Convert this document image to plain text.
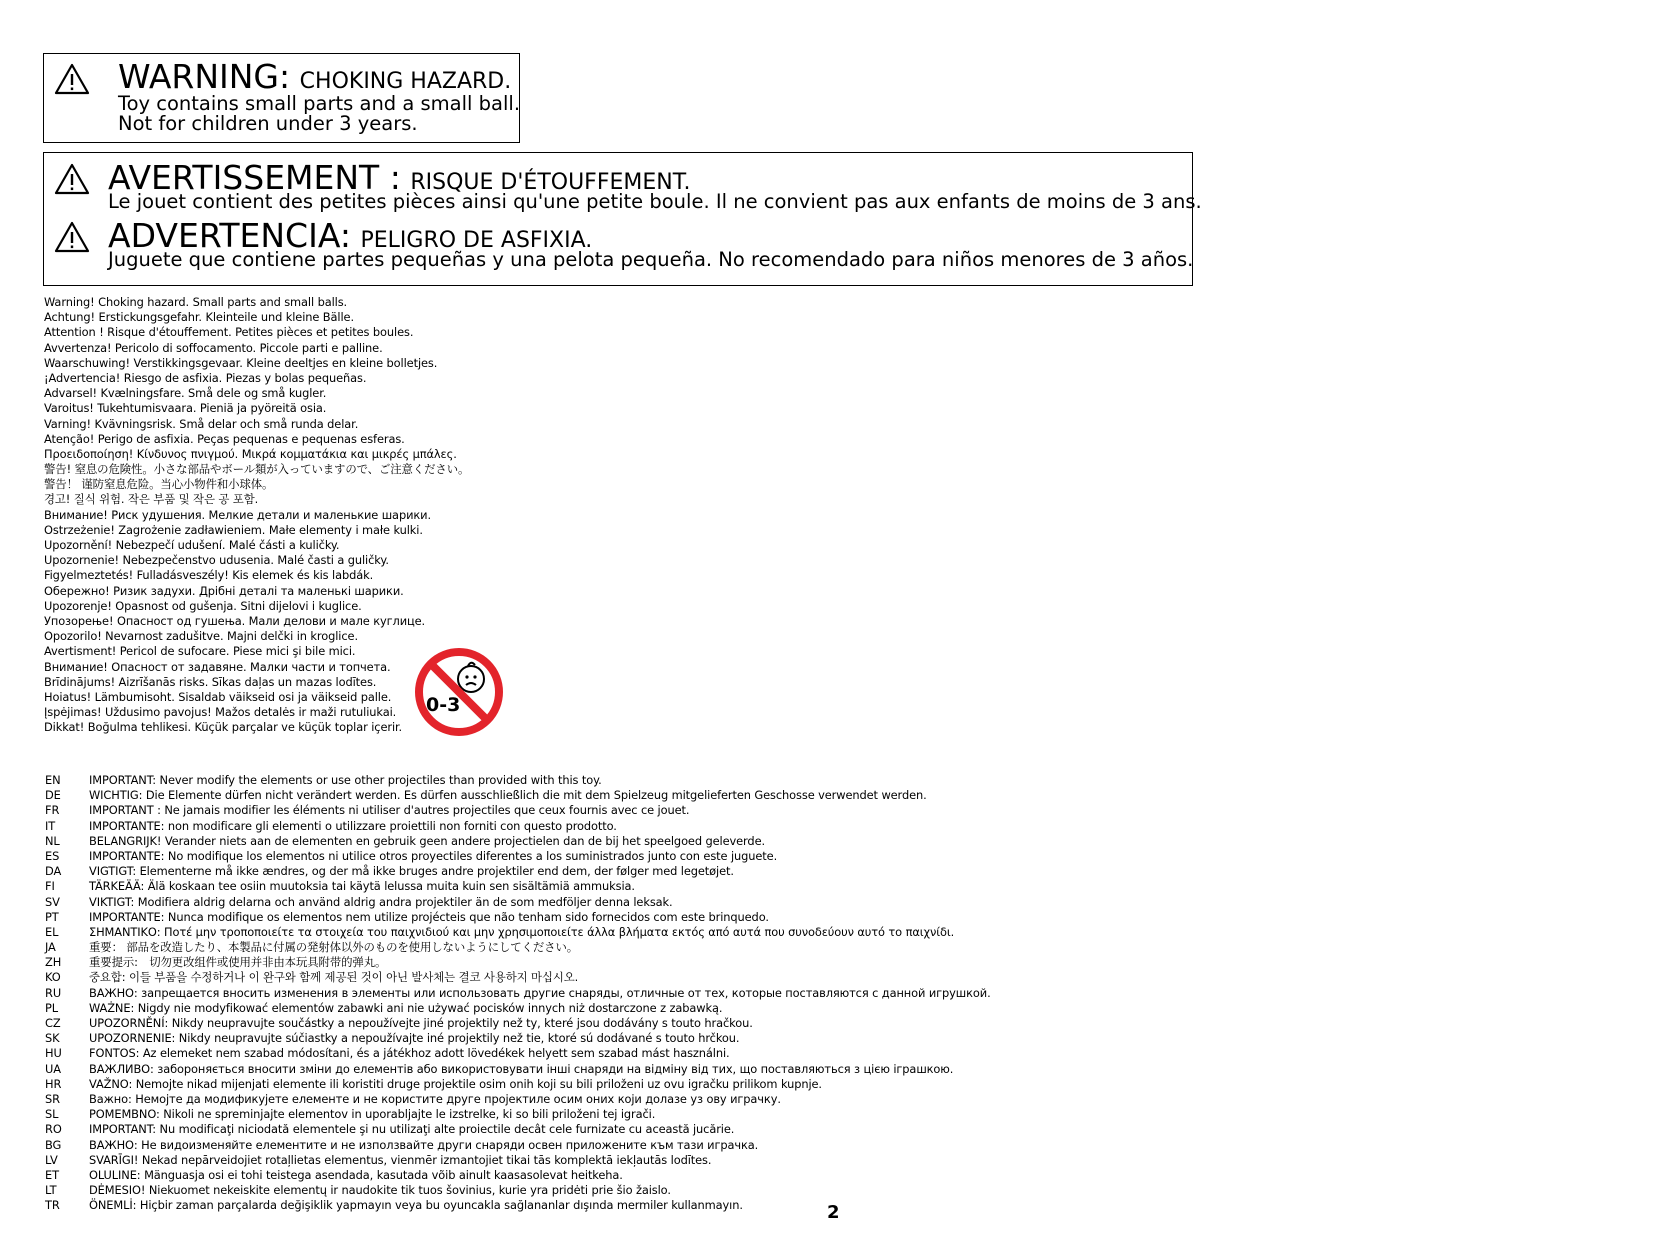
WARNING: CHOKING HAZARD.
Toy contains small parts and a small ball.
Not for children under 3 years.
AVERTISSEMENT : RISQUE D'ÉTOUFFEMENT.
Le jouet contient des petites pièces ainsi qu'une petite boule. Il ne convient pas aux enfants de moins de 3 ans.
ADVERTENCIA: PELIGRO DE ASFIXIA.
Juguete que contiene partes pequeñas y una pelota pequeña. No recomendado para niños menores de 3 años.
Warning! Choking hazard. Small parts and small balls.
Achtung! Erstickungsgefahr. Kleinteile und kleine Bälle.
Attention ! Risque d'étouffement. Petites pièces et petites boules.
Avvertenza! Pericolo di soffocamento. Piccole parti e palline.
Waarschuwing! Verstikkingsgevaar. Kleine deeltjes en kleine bolletjes.
¡Advertencia! Riesgo de asfixia. Piezas y bolas pequeñas.
Advarsel! Kvælningsfare. Små dele og små kugler.
Varoitus! Tukehtumisvaara. Pieniä ja pyöreitä osia.
Varning! Kvävningsrisk. Små delar och små runda delar.
Atenção! Perigo de asfixia. Peças pequenas e pequenas esferas.
Προειδοποίηση! Κίνδυνος πνιγμού. Μικρά κομματάκια και μικρές μπάλες.
警告! 窒息の危険性。小さな部品やボール類が入っていますので、ご注意ください。
警告！ 谨防窒息危险。当心小物件和小球体。
경고! 질식 위험. 작은 부품 및 작은 공 포함.
Внимание! Риск удушения. Мелкие детали и маленькие шарики.
Ostrzeżenie! Zagrożenie zadławieniem. Małe elementy i małe kulki.
Upozornění! Nebezpečí udušení. Malé části a kuličky.
Upozornenie! Nebezpečenstvo udusenia. Malé časti a guličky.
Figyelmeztetés! Fulladásveszély! Kis elemek és kis labdák.
Обережно! Ризик задухи. Дрібні деталі та маленькі шарики.
Upozorenje! Opasnost od gušenja. Sitni dijelovi i kuglice.
Упозорење! Опасност од гушења. Мали делови и мале куглице.
Opozorilo! Nevarnost zadušitve. Majni delčki in kroglice.
Avertisment! Pericol de sufocare. Piese mici şi bile mici.
Внимание! Опасност от задавяне. Малки части и топчета.
Brīdinājums! Aizrīšanās risks. Sīkas daļas un mazas lodītes.
Hoiatus! Lämbumisoht. Sisaldab väikseid osi ja väikseid palle.
Įspėjimas! Uždusimo pavojus! Mažos detalės ir maži rutuliukai.
Dikkat! Boğulma tehlikesi. Küçük parçalar ve küçük toplar içerir.
0-3
EN	IMPORTANT: Never modify the elements or use other projectiles than provided with this toy.
DE	WICHTIG: Die Elemente dürfen nicht verändert werden. Es dürfen ausschließlich die mit dem Spielzeug mitgelieferten Geschosse verwendet werden.
FR	IMPORTANT : Ne jamais modifier les éléments ni utiliser d'autres projectiles que ceux fournis avec ce jouet.
IT	IMPORTANTE: non modificare gli elementi o utilizzare proiettili non forniti con questo prodotto.
NL	BELANGRIJK! Verander niets aan de elementen en gebruik geen andere projectielen dan de bij het speelgoed geleverde.
ES	IMPORTANTE: No modifique los elementos ni utilice otros proyectiles diferentes a los suministrados junto con este juguete.
DA	VIGTIGT: Elementerne må ikke ændres, og der må ikke bruges andre projektiler end dem, der følger med legetøjet.
FI	TÄRKEÄÄ: Älä koskaan tee osiin muutoksia tai käytä lelussa muita kuin sen sisältämiä ammuksia.
SV	VIKTIGT: Modifiera aldrig delarna och använd aldrig andra projektiler än de som medföljer denna leksak.
PT	IMPORTANTE: Nunca modifique os elementos nem utilize projécteis que não tenham sido fornecidos com este brinquedo.
EL	ΣΗΜΑΝΤΙΚΟ: Ποτέ μην τροποποιείτε τα στοιχεία του παιχνιδιού και μην χρησιμοποιείτε άλλα βλήματα εκτός από αυτά που συνοδεύουν αυτό το παιχνίδι.
JA	重要： 部品を改造したり、本製品に付属の発射体以外のものを使用しないようにしてください。
ZH	重要提示:　切勿更改组件或使用并非由本玩具附带的弹丸。
KO	중요합: 이들 부품을 수정하거나 이 완구와 함께 제공된 것이 아닌 발사체는 결코 사용하지 마십시오.
RU	ВАЖНО: запрещается вносить изменения в элементы или использовать другие снаряды, отличные от тех, которые поставляются с данной игрушкой.
PL	WAŻNE: Nigdy nie modyfikować elementów zabawki ani nie używać pocisków innych niż dostarczone z zabawką.
CZ	UPOZORNĚNÍ: Nikdy neupravujte součástky a nepoužívejte jiné projektily než ty, které jsou dodávány s touto hračkou.
SK	UPOZORNENIE: Nikdy neupravujte súčiastky a nepoužívajte iné projektily než tie, ktoré sú dodávané s touto hrčkou.
HU	FONTOS: Az elemeket nem szabad módosítani, és a játékhoz adott lövedékek helyett sem szabad mást használni.
UA	ВАЖЛИВО: забороняється вносити зміни до елементів або використовувати інші снаряди на відміну від тих, що поставляються з цією іграшкою.
HR	VAŽNO: Nemojte nikad mijenjati elemente ili koristiti druge projektile osim onih koji su bili priloženi uz ovu igračku prilikom kupnje.
SR	Важно: Немојте да модификујете елементе и не користите друге пројектиле осим оних који долазе уз ову играчку.
SL	POMEMBNO: Nikoli ne spreminjajte elementov in uporabljajte le izstrelke, ki so bili priloženi tej igrači.
RO	IMPORTANT: Nu modificaţi niciodată elementele şi nu utilizaţi alte proiectile decât cele furnizate cu această jucărie.
BG	ВАЖНО: Не видоизменяйте елементите и не използвайте други снаряди освен приложените към тази играчка.
LV	SVARĪGI! Nekad nepārveidojiet rotaļlietas elementus, vienmēr izmantojiet tikai tās komplektā iekļautās lodītes.
ET	OLULINE: Mänguasja osi ei tohi teistega asendada, kasutada võib ainult kaasasolevat heitkeha.
LT	DĖMESIO! Niekuomet nekeiskite elementų ir naudokite tik tuos šovinius, kurie yra pridėti prie šio žaislo.
TR	ÖNEMLİ: Hiçbir zaman parçalarda değişiklik yapmayın veya bu oyuncakla sağlananlar dışında mermiler kullanmayın.	2
